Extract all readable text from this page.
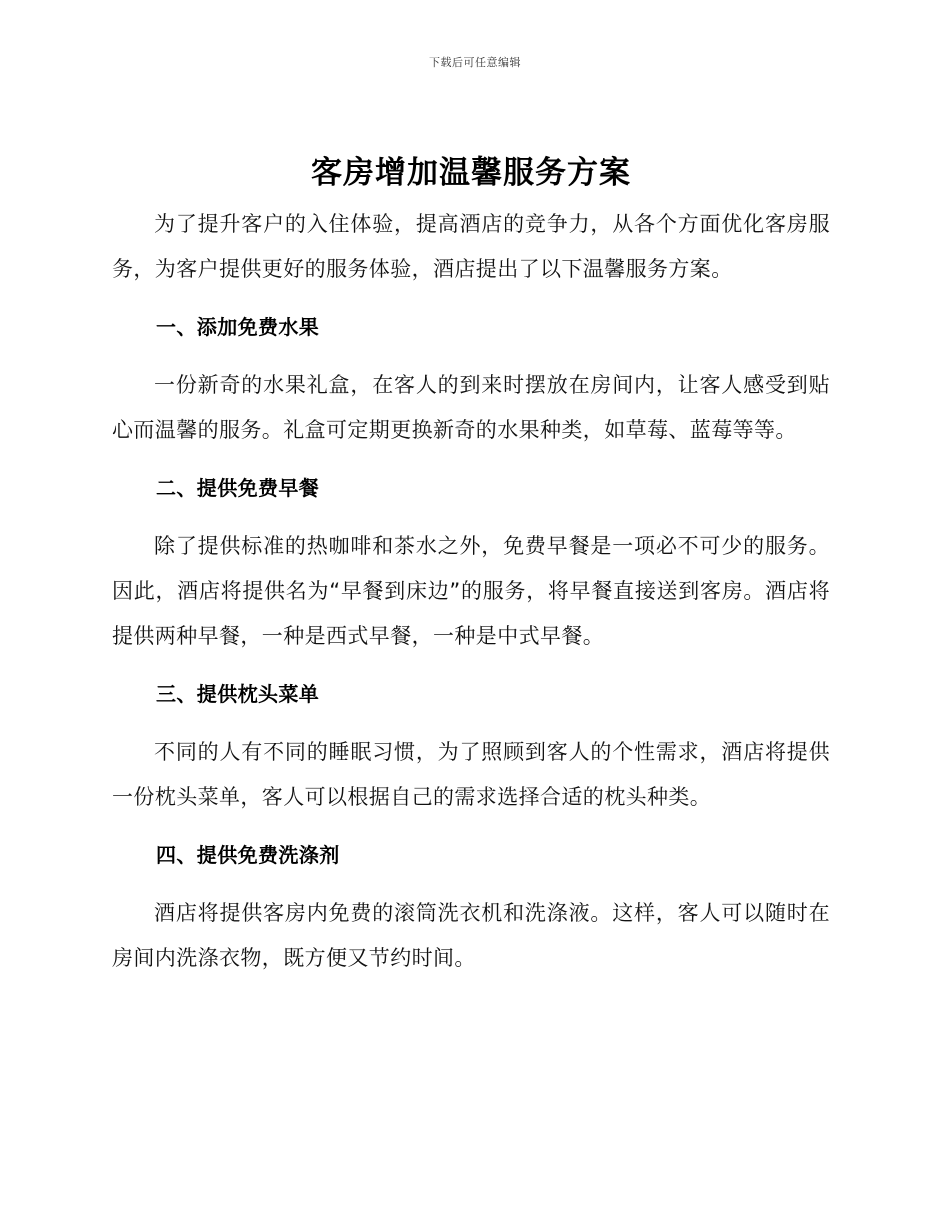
下载后可任意编辑
客房增加温馨服务方案

为了提升客户的入住体验，提高酒店的竞争力，从各个方面优化客房服务，为客户提供更好的服务体验，酒店提出了以下温馨服务方案。

一、添加免费水果

一份新奇的水果礼盒，在客人的到来时摆放在房间内，让客人感受到贴心而温馨的服务。礼盒可定期更换新奇的水果种类，如草莓、蓝莓等等。

二、提供免费早餐

除了提供标准的热咖啡和茶水之外，免费早餐是一项必不可少的服务。因此，酒店将提供名为“早餐到床边”的服务，将早餐直接送到客房。酒店将提供两种早餐，一种是西式早餐，一种是中式早餐。

三、提供枕头菜单

不同的人有不同的睡眠习惯，为了照顾到客人的个性需求，酒店将提供一份枕头菜单，客人可以根据自己的需求选择合适的枕头种类。

四、提供免费洗涤剂

酒店将提供客房内免费的滚筒洗衣机和洗涤液。这样，客人可以随时在房间内洗涤衣物，既方便又节约时间。
